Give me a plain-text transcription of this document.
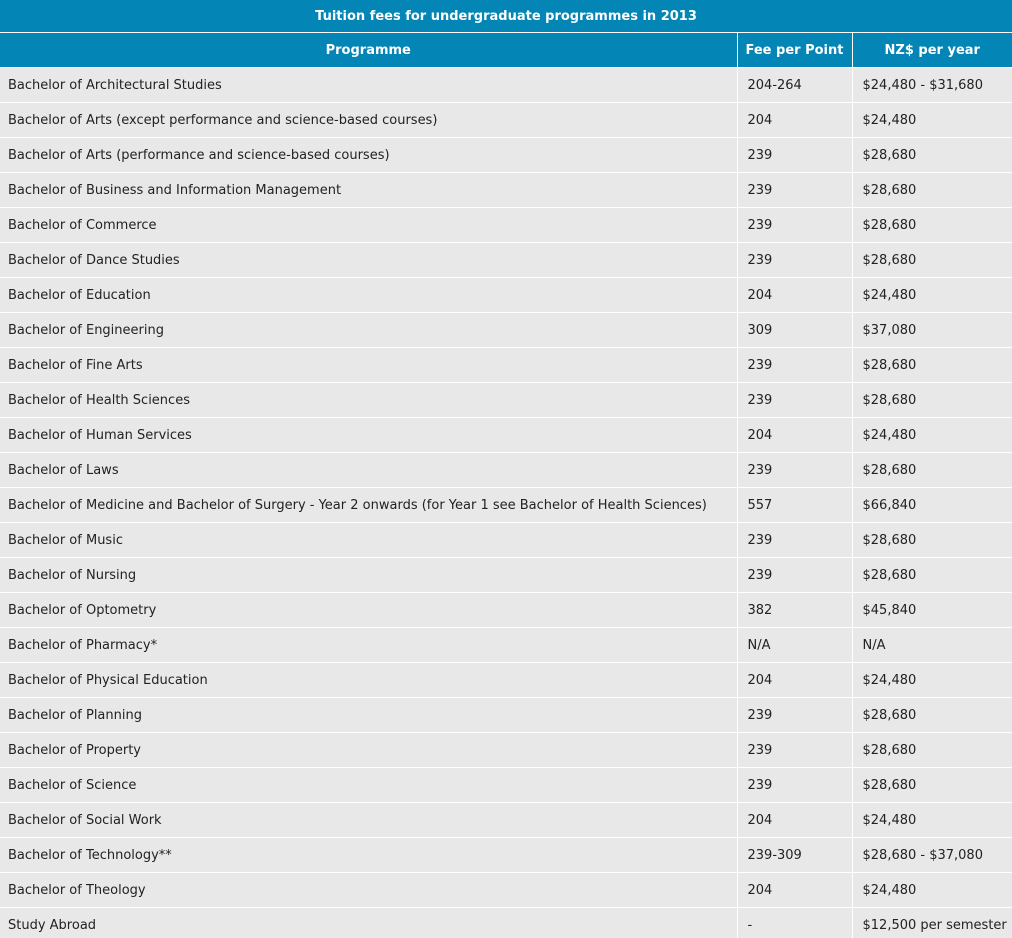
Tuition fees for undergraduate programmes in 2013		
Programme	Fee per Point	NZ$ per year
Bachelor of Architectural Studies	204-264	$24,480 - $31,680
Bachelor of Arts (except performance and science-based courses)	204	$24,480
Bachelor of Arts (performance and science-based courses)	239	$28,680
Bachelor of Business and Information Management	239	$28,680
Bachelor of Commerce	239	$28,680
Bachelor of Dance Studies	239	$28,680
Bachelor of Education	204	$24,480
Bachelor of Engineering	309	$37,080
Bachelor of Fine Arts	239	$28,680
Bachelor of Health Sciences	239	$28,680
Bachelor of Human Services	204	$24,480
Bachelor of Laws	239	$28,680
Bachelor of Medicine and Bachelor of Surgery - Year 2 onwards (for Year 1 see Bachelor of Health Sciences)	557	$66,840
Bachelor of Music	239	$28,680
Bachelor of Nursing	239	$28,680
Bachelor of Optometry	382	$45,840
Bachelor of Pharmacy*	N/A	N/A
Bachelor of Physical Education	204	$24,480
Bachelor of Planning	239	$28,680
Bachelor of Property	239	$28,680
Bachelor of Science	239	$28,680
Bachelor of Social Work	204	$24,480
Bachelor of Technology**	239-309	$28,680 - $37,080
Bachelor of Theology	204	$24,480
Study Abroad	-	$12,500 per semester
